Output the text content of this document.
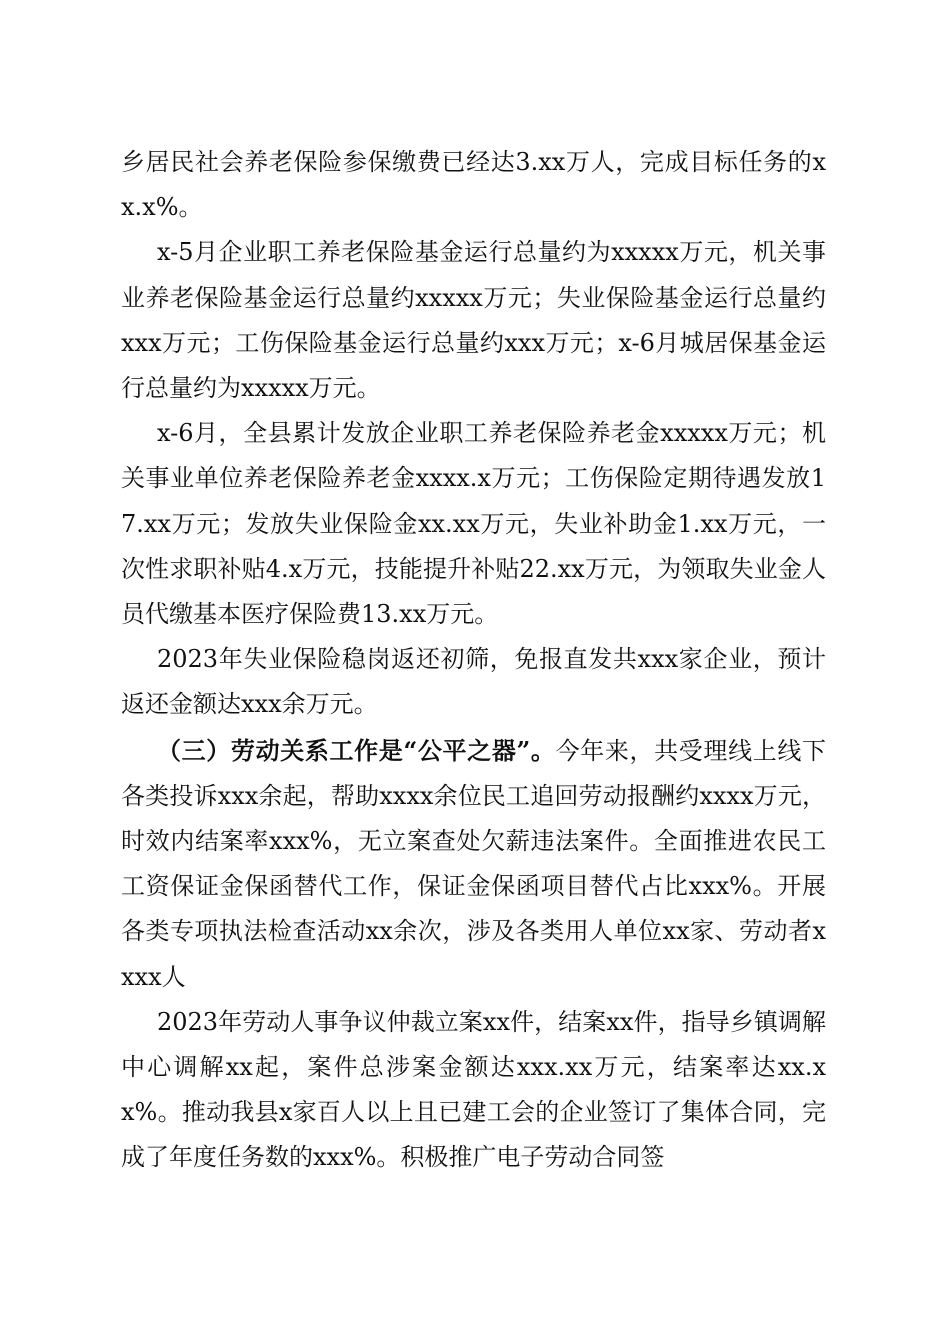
乡居民社会养老保险参保缴费已经达3.xx万人，完成目标任务的xx.x%。

x-5月企业职工养老保险基金运行总量约为xxxxx万元，机关事业养老保险基金运行总量约xxxxx万元；失业保险基金运行总量约xxx万元；工伤保险基金运行总量约xxx万元；x-6月城居保基金运行总量约为xxxxx万元。

x-6月，全县累计发放企业职工养老保险养老金xxxxx万元；机关事业单位养老保险养老金xxxx.x万元；工伤保险定期待遇发放17.xx万元；发放失业保险金xx.xx万元，失业补助金1.xx万元，一次性求职补贴4.x万元，技能提升补贴22.xx万元，为领取失业金人员代缴基本医疗保险费13.xx万元。

2023年失业保险稳岗返还初筛，免报直发共xxx家企业，预计返还金额达xxx余万元。

（三）劳动关系工作是“公平之器”。今年来，共受理线上线下各类投诉xxx余起，帮助xxxx余位民工追回劳动报酬约xxxx万元，时效内结案率xxx%，无立案查处欠薪违法案件。全面推进农民工工资保证金保函替代工作，保证金保函项目替代占比xxx%。开展各类专项执法检查活动xx余次，涉及各类用人单位xx家、劳动者xxxx人

2023年劳动人事争议仲裁立案xx件，结案xx件，指导乡镇调解中心调解xx起，案件总涉案金额达xxx.xx万元，结案率达xx.xx%。推动我县x家百人以上且已建工会的企业签订了集体合同，完成了年度任务数的xxx%。积极推广电子劳动合同签
